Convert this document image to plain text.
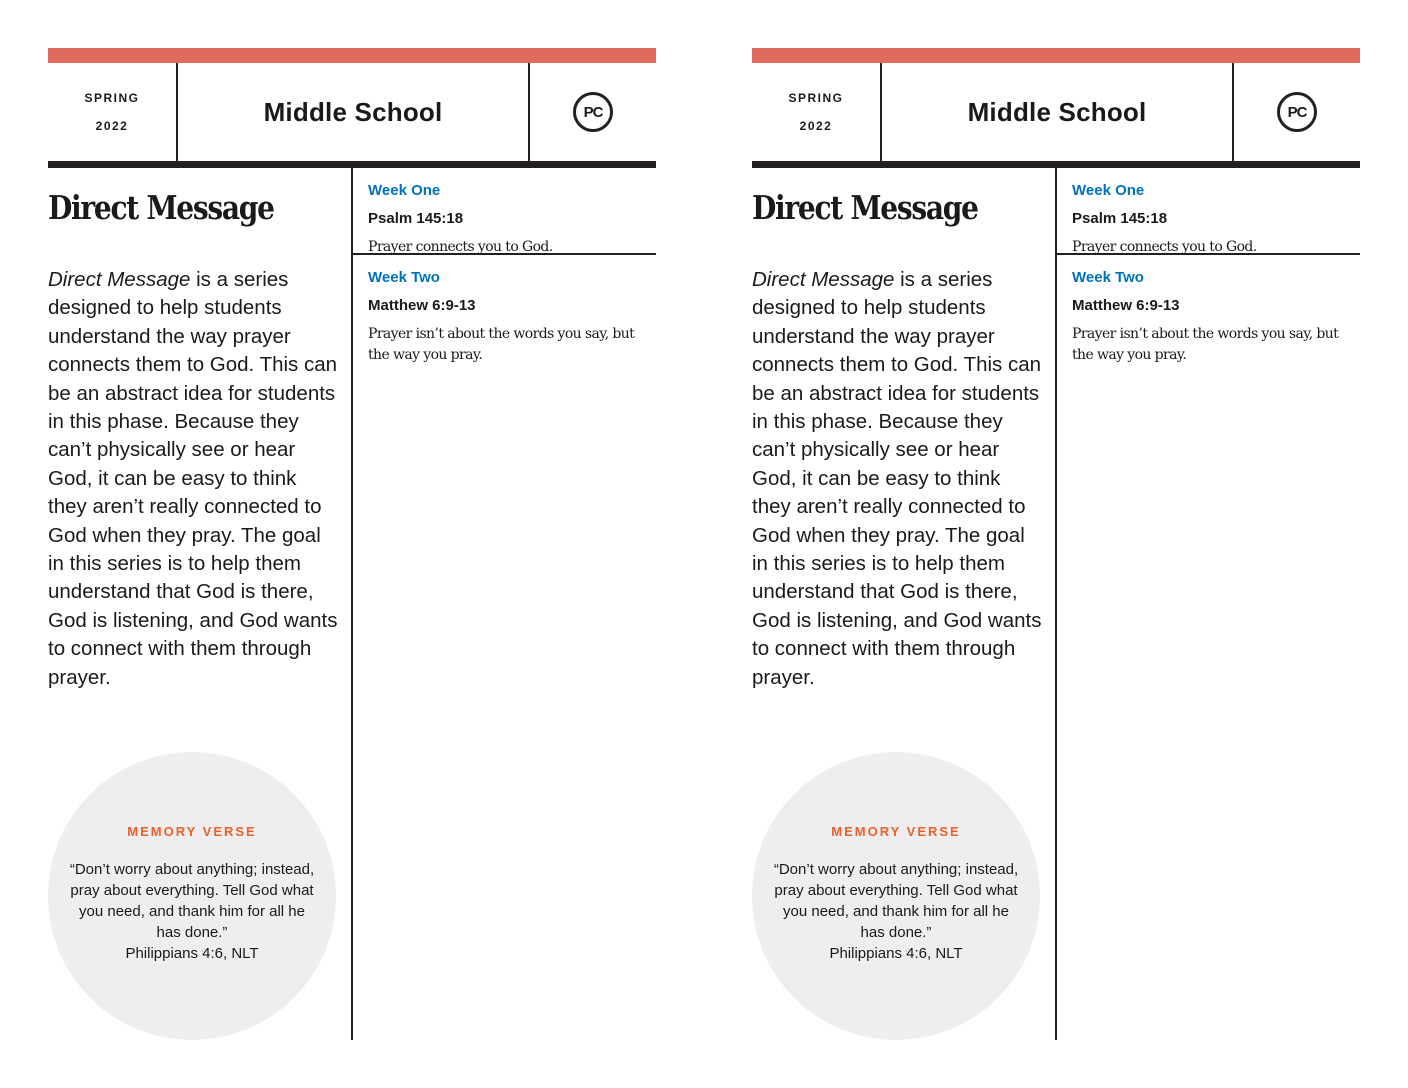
SPRING
2022	Middle School	PC
Direct Message
Direct Message is a series designed to help students understand the way prayer connects them to God. This can be an abstract idea for students in this phase. Because they can’t physically see or hear God, it can be easy to think they aren’t really connected to God when they pray. The goal in this series is to help them understand that God is there, God is listening, and God wants to connect with them through prayer.
MEMORY VERSE
“Don’t worry about anything; instead, pray about everything. Tell God what you need, and thank him for all he has done.”
Philippians 4:6, NLT
Week One
Psalm 145:18
Prayer connects you to God.
Week Two
Matthew 6:9-13
Prayer isn’t about the words you say, but the way you pray.
SPRING
2022	Middle School	PC
Direct Message
Direct Message is a series designed to help students understand the way prayer connects them to God. This can be an abstract idea for students in this phase. Because they can’t physically see or hear God, it can be easy to think they aren’t really connected to God when they pray. The goal in this series is to help them understand that God is there, God is listening, and God wants to connect with them through prayer.
MEMORY VERSE
“Don’t worry about anything; instead, pray about everything. Tell God what you need, and thank him for all he has done.”
Philippians 4:6, NLT
Week One
Psalm 145:18
Prayer connects you to God.
Week Two
Matthew 6:9-13
Prayer isn’t about the words you say, but the way you pray.
